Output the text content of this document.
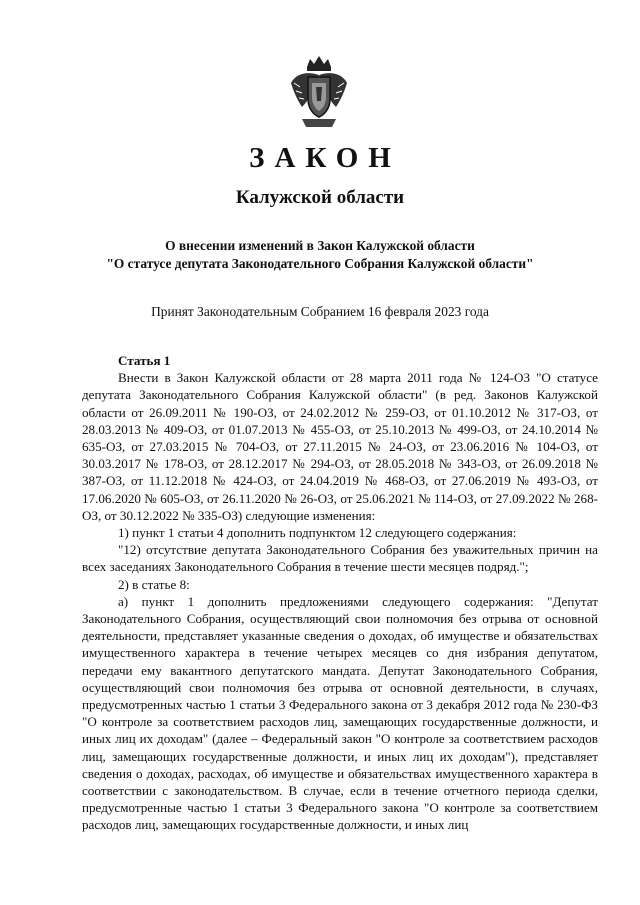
ЗАКОН
Калужской области
О внесении изменений в Закон Калужской области
"О статусе депутата Законодательного Собрания Калужской области"
Принят Законодательным Собранием 16 февраля 2023 года
Статья 1

Внести в Закон Калужской области от 28 марта 2011 года № 124-ОЗ "О статусе депутата Законодательного Собрания Калужской области" (в ред. Законов Калужской области от 26.09.2011 № 190-ОЗ, от 24.02.2012 № 259-ОЗ, от 01.10.2012 № 317-ОЗ, от 28.03.2013 № 409-ОЗ, от 01.07.2013 № 455-ОЗ, от 25.10.2013 № 499-ОЗ, от 24.10.2014 № 635-ОЗ, от 27.03.2015 № 704-ОЗ, от 27.11.2015 № 24-ОЗ, от 23.06.2016 № 104-ОЗ, от 30.03.2017 № 178-ОЗ, от 28.12.2017 № 294-ОЗ, от 28.05.2018 № 343-ОЗ, от 26.09.2018 № 387-ОЗ, от 11.12.2018 № 424-ОЗ, от 24.04.2019 № 468-ОЗ, от 27.06.2019 № 493-ОЗ, от 17.06.2020 № 605-ОЗ, от 26.11.2020 № 26-ОЗ, от 25.06.2021 № 114-ОЗ, от 27.09.2022 № 268-ОЗ, от 30.12.2022 № 335-ОЗ) следующие изменения:

1) пункт 1 статьи 4 дополнить подпунктом 12 следующего содержания:

"12) отсутствие депутата Законодательного Собрания без уважительных причин на всех заседаниях Законодательного Собрания в течение шести месяцев подряд.";

2) в статье 8:

а) пункт 1 дополнить предложениями следующего содержания: "Депутат Законодательного Собрания, осуществляющий свои полномочия без отрыва от основной деятельности, представляет указанные сведения о доходах, об имуществе и обязательствах имущественного характера в течение четырех месяцев со дня избрания депутатом, передачи ему вакантного депутатского мандата. Депутат Законодательного Собрания, осуществляющий свои полномочия без отрыва от основной деятельности, в случаях, предусмотренных частью 1 статьи 3 Федерального закона от 3 декабря 2012 года № 230-ФЗ "О контроле за соответствием расходов лиц, замещающих государственные должности, и иных лиц их доходам" (далее – Федеральный закон "О контроле за соответствием расходов лиц, замещающих государственные должности, и иных лиц их доходам"), представляет сведения о доходах, расходах, об имуществе и обязательствах имущественного характера в соответствии с законодательством. В случае, если в течение отчетного периода сделки, предусмотренные частью 1 статьи 3 Федерального закона "О контроле за соответствием расходов лиц, замещающих государственные должности, и иных лиц
